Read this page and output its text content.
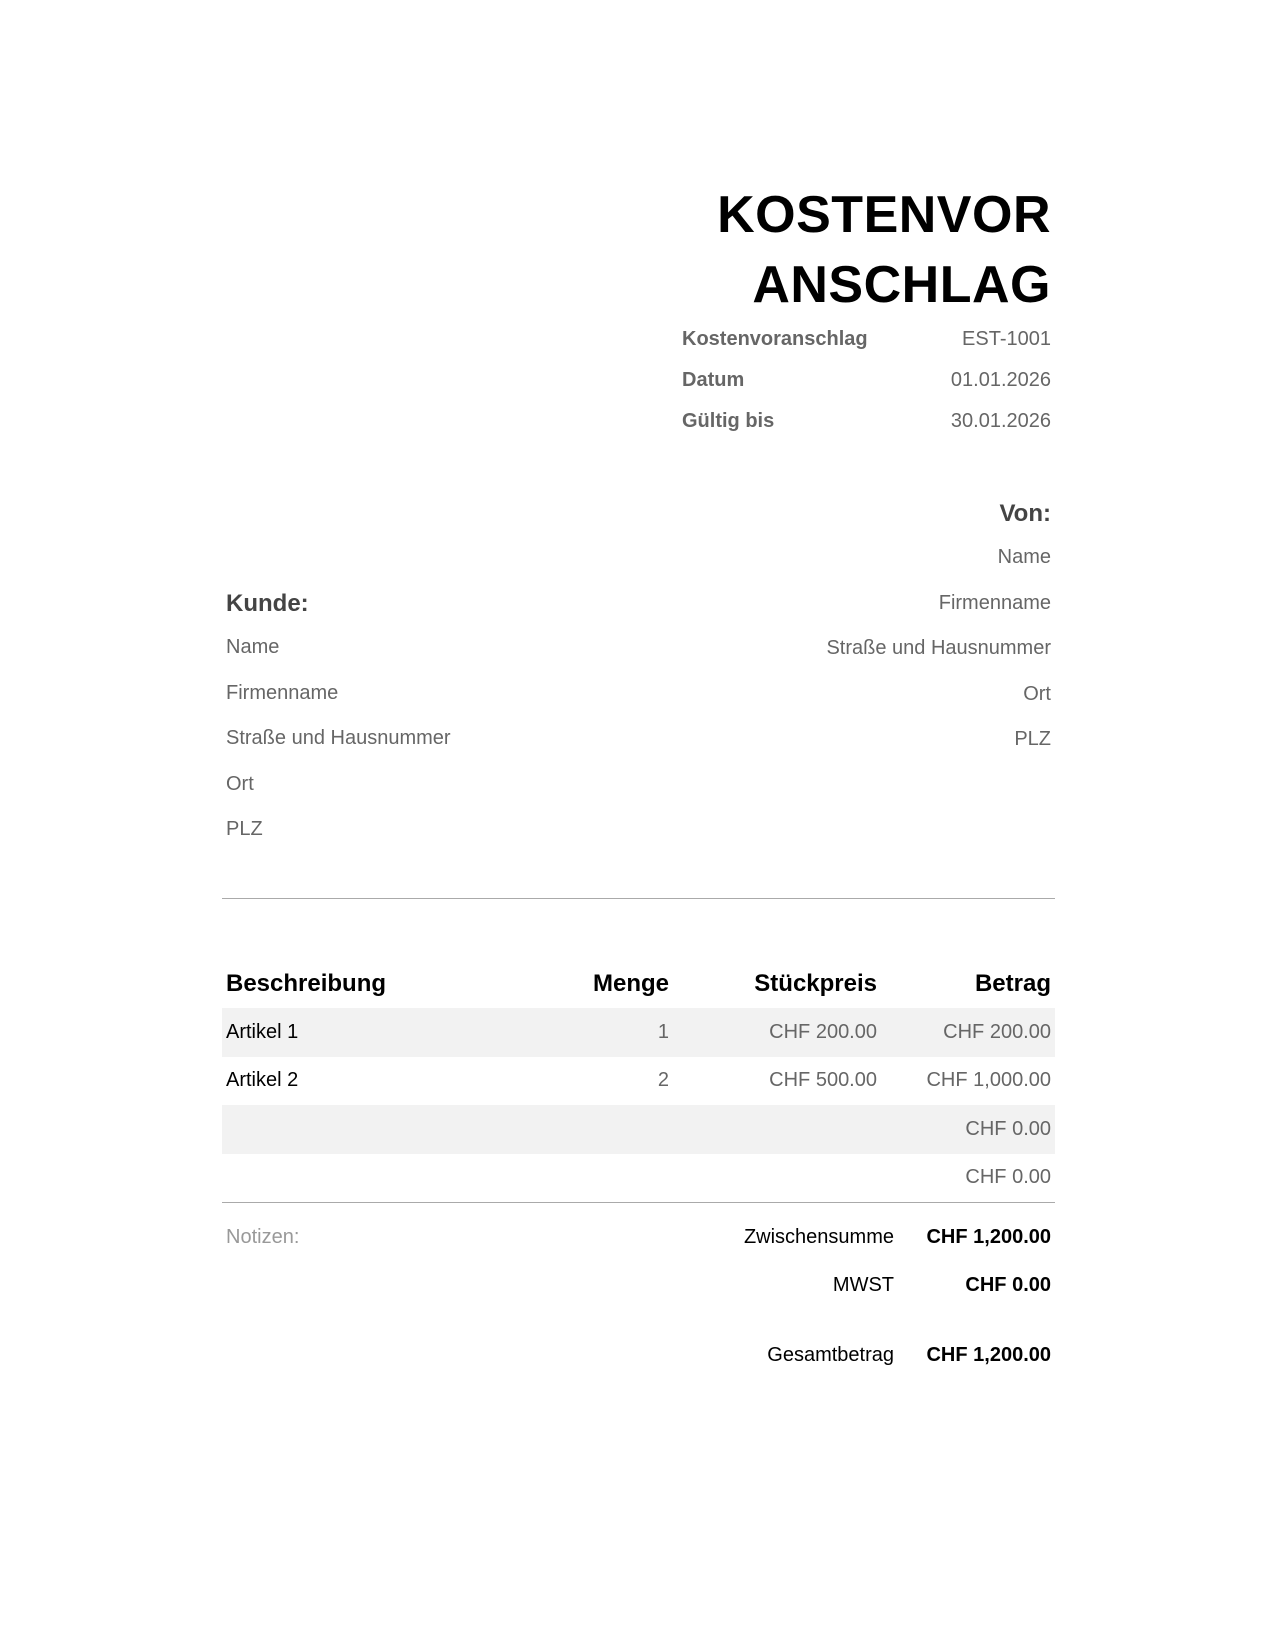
KOSTENVOR
ANSCHLAG
Kostenvoranschlag	EST-1001
Datum	01.01.2026
Gültig bis	30.01.2026
Von:
Name
Firmenname
Straße und Hausnummer
Ort
PLZ
Kunde:
Name
Firmenname
Straße und Hausnummer
Ort
PLZ
Beschreibung	Menge	Stückpreis	Betrag
Artikel 1	1	CHF 200.00	CHF 200.00
Artikel 2	2	CHF 500.00	CHF 1,000.00
			CHF 0.00
			CHF 0.00
Notizen:	Zwischensumme CHF 1,200.00
MWST	CHF 0.00
Gesamtbetrag CHF 1,200.00
